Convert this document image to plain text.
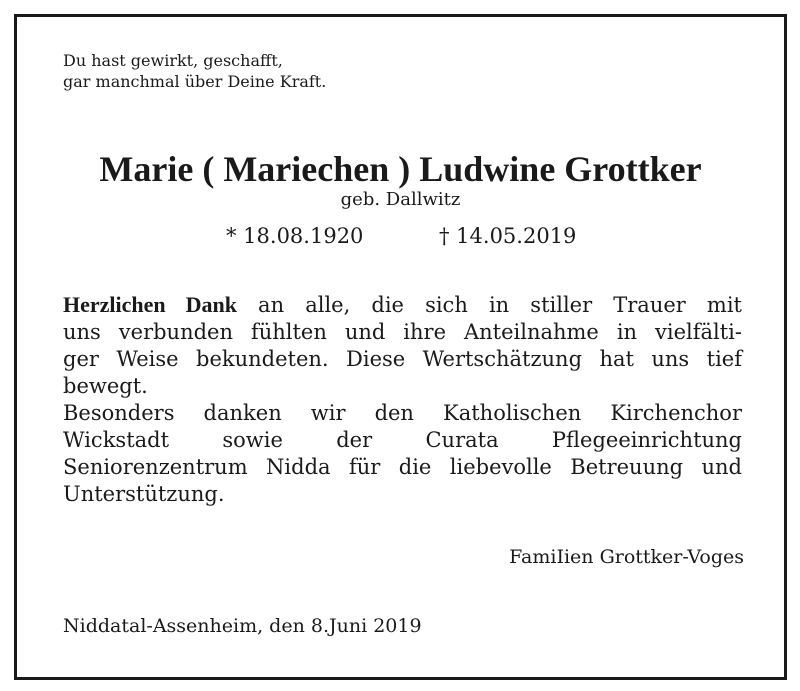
Du hast gewirkt, geschafft,
gar manchmal über Deine Kraft.
Marie ( Mariechen ) Ludwine Grottker
geb. Dallwitz
* 18.08.1920	† 14.05.2019
Herzlichen Dank an alle, die sich in stiller Trauer mit
uns verbunden fühlten und ihre Anteilnahme in vielfälti-
ger Weise bekundeten. Diese Wertschätzung hat uns tief
bewegt.
Besonders danken wir den Katholischen Kirchenchor
Wickstadt sowie der Curata Pflegeeinrichtung
Seniorenzentrum Nidda für die liebevolle Betreuung und
Unterstützung.
FamiIien Grottker-Voges
Niddatal-Assenheim, den 8.Juni 2019
